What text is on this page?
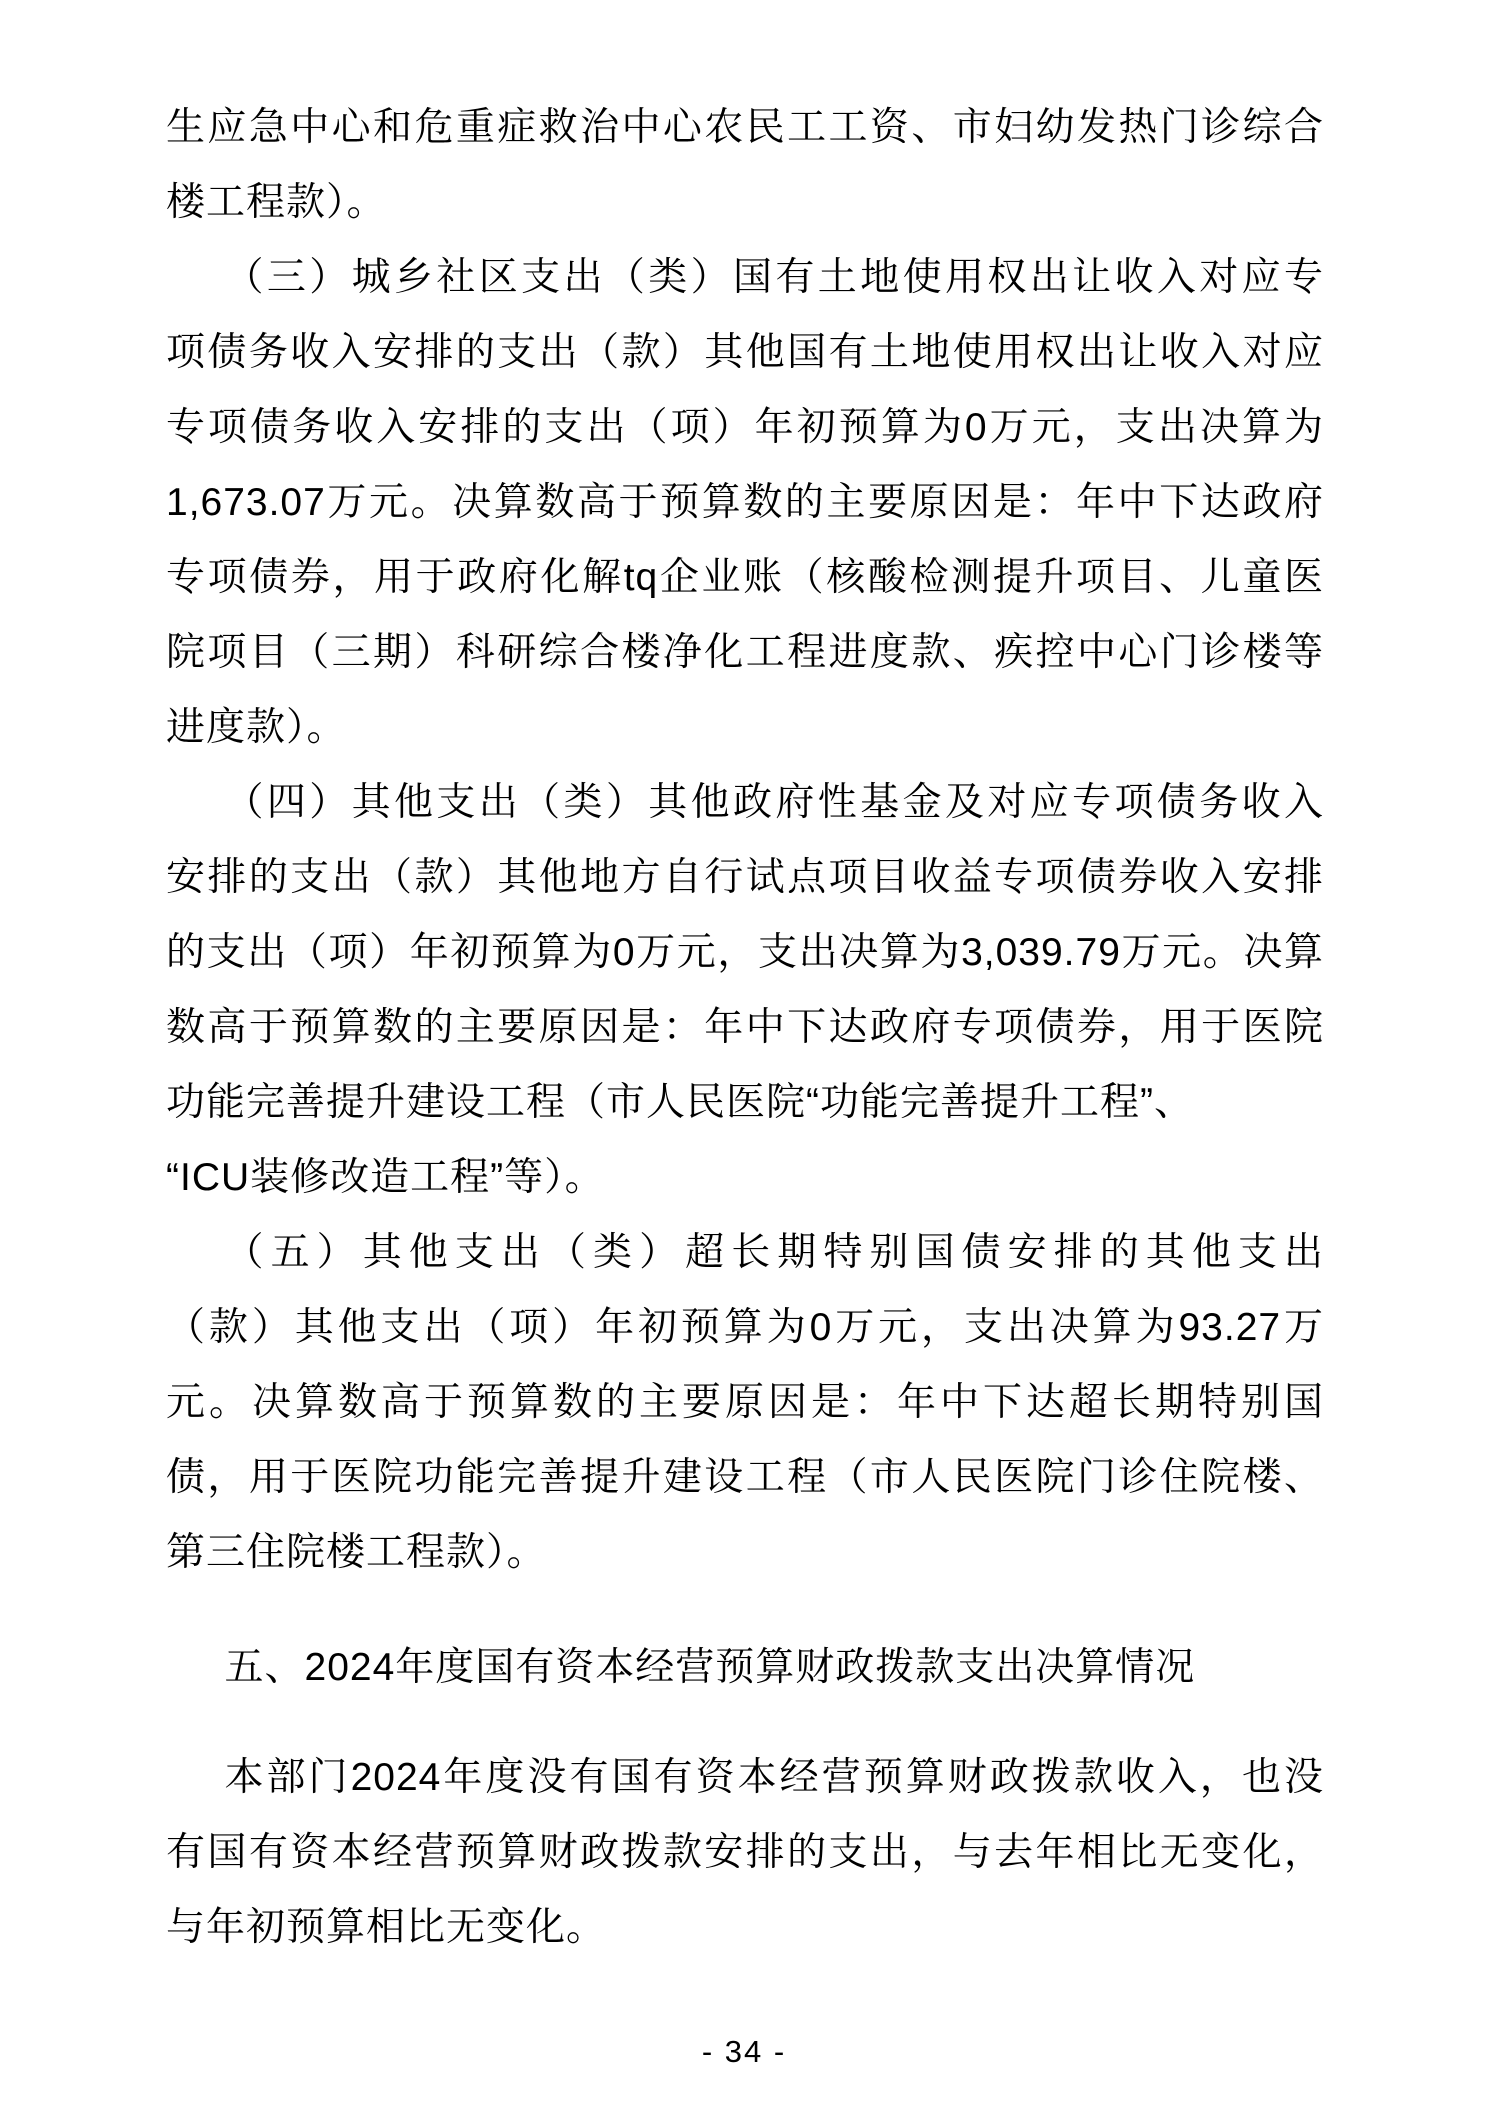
生应急中心和危重症救治中心农民工工资、市妇幼发热门诊综合
楼工程款）。
（三）城乡社区支出（类）国有土地使用权出让收入对应专
项债务收入安排的支出（款）其他国有土地使用权出让收入对应
专项债务收入安排的支出（项）年初预算为0万元，支出决算为
1,673.07万元。决算数高于预算数的主要原因是：年中下达政府
专项债券，用于政府化解tq企业账（核酸检测提升项目、儿童医
院项目（三期）科研综合楼净化工程进度款、疾控中心门诊楼等
进度款）。
（四）其他支出（类）其他政府性基金及对应专项债务收入
安排的支出（款）其他地方自行试点项目收益专项债券收入安排
的支出（项）年初预算为0万元，支出决算为3,039.79万元。决算
数高于预算数的主要原因是：年中下达政府专项债券，用于医院
功能完善提升建设工程（市人民医院“功能完善提升工程”、
“ICU装修改造工程”等）。
（五）其他支出（类）超长期特别国债安排的其他支出
（款）其他支出（项）年初预算为0万元，支出决算为93.27万
元。决算数高于预算数的主要原因是：年中下达超长期特别国
债，用于医院功能完善提升建设工程（市人民医院门诊住院楼、
第三住院楼工程款）。
五、2024年度国有资本经营预算财政拨款支出决算情况
本部门2024年度没有国有资本经营预算财政拨款收入，也没
有国有资本经营预算财政拨款安排的支出，与去年相比无变化，
与年初预算相比无变化。
- 34 -
